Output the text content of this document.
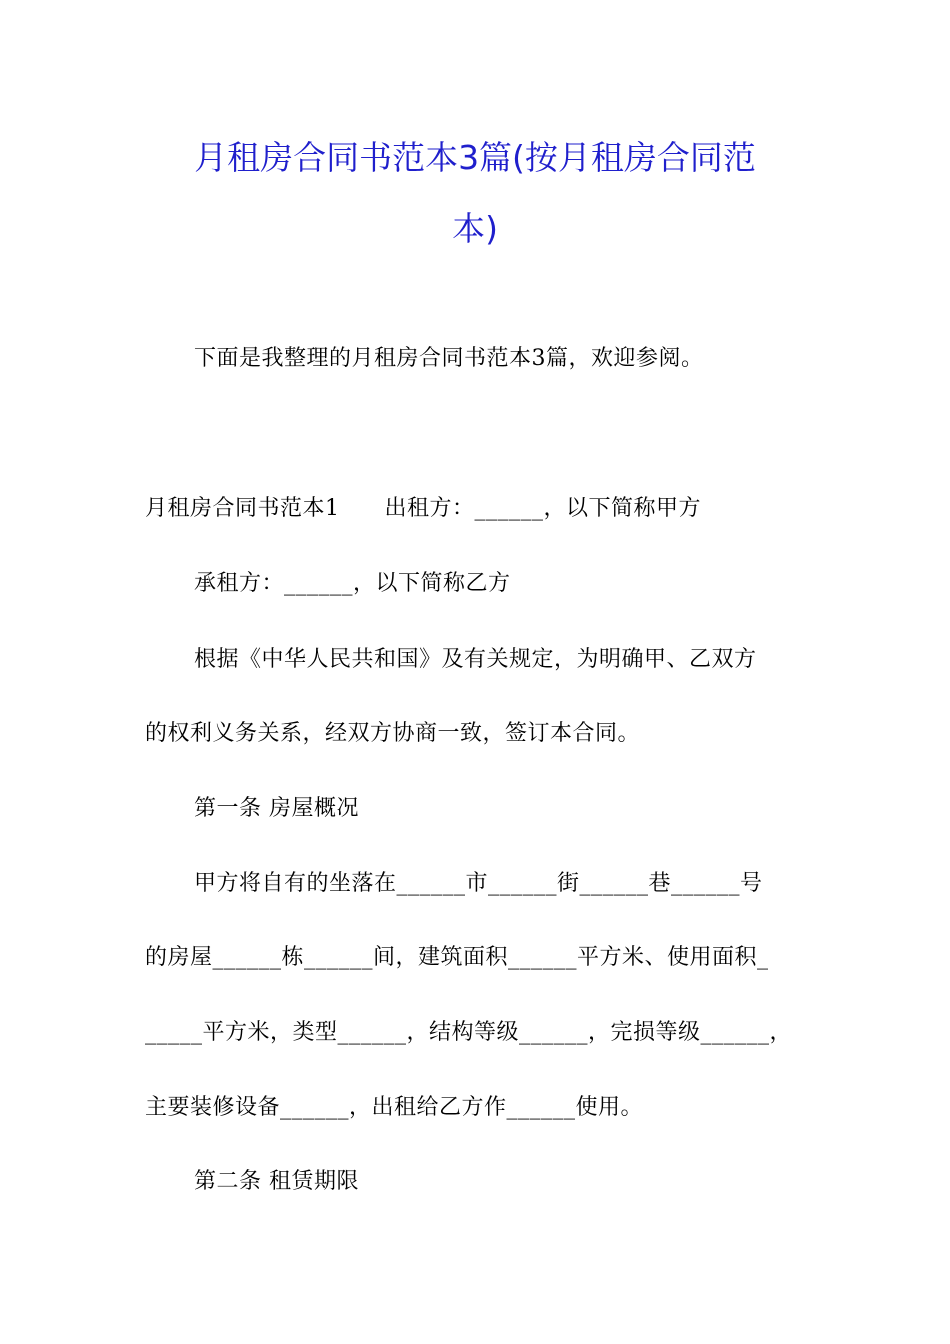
月租房合同书范本3篇(按月租房合同范
本)
下面是我整理的月租房合同书范本3篇，欢迎参阅。
月租房合同书范本1　　出租方：______，以下简称甲方
承租方：______，以下简称乙方
根据《中华人民共和国》及有关规定，为明确甲、乙双方
的权利义务关系，经双方协商一致，签订本合同。
第一条 房屋概况
甲方将自有的坐落在______市______街______巷______号
的房屋______栋______间，建筑面积______平方米、使用面积_
_____平方米，类型______，结构等级______，完损等级______，
主要装修设备______，出租给乙方作______使用。
第二条 租赁期限
